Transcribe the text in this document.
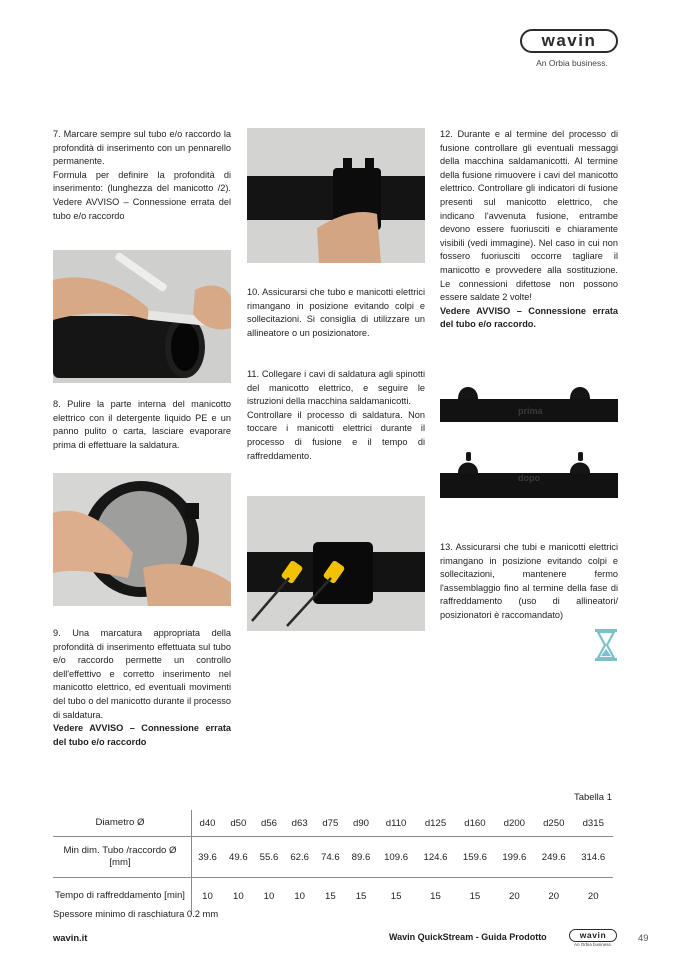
wavin
An Orbia business.

7. Marcare sempre sul tubo e/o raccordo la profondità di inserimento con un pennarello permanente.

Formula per definire la profondità di inserimento: (lunghezza del manicotto /2). Vedere AVVISO – Connessione errata del tubo e/o raccordo

8. Pulire la parte interna del manicotto elettrico con il detergente liquido PE e un panno pulito o carta, lasciare evaporare prima di effettuare la saldatura.

9. Una marcatura appropriata della profondità di inserimento effettuata sul tubo e/o raccordo permette un controllo dell'effettivo e corretto inserimento nel manicotto elettrico, ed eventuali movimenti del tubo o del manicotto durante il processo di saldatura.

Vedere AVVISO – Connessione errata del tubo e/o raccordo

10. Assicurarsi che tubo e manicotti elettrici rimangano in posizione evitando colpi e sollecitazioni. Si consiglia di utilizzare un allineatore o un posizionatore.

11. Collegare i cavi di saldatura agli spinotti del manicotto elettrico, e seguire le istruzioni della macchina saldamanicotti.

Controllare il processo di saldatura. Non toccare i manicotti elettrici durante il processo di fusione e il tempo di raffreddamento.

12. Durante e al termine del processo di fusione controllare gli eventuali messaggi della macchina saldamanicotti. Al termine della fusione rimuovere i cavi del manicotto elettrico. Controllare gli indicatori di fusione presenti sul manicotto elettrico, che indicano l'avvenuta fusione, entrambe devono essere fuoriusciti e chiaramente visibili (vedi immagine). Nel caso in cui non fossero fuoriusciti occorre tagliare il manicotto e provvedere alla sostituzione. Le connessioni difettose non possono essere saldate 2 volte!

Vedere AVVISO – Connessione errata del tubo e/o raccordo.

prima
dopo
13. Assicurarsi che tubi e manicotti elettrici rimangano in posizione evitando colpi e sollecitazioni, mantenere fermo l'assemblaggio fino al termine della fase di raffreddamento (uso di allineatori/ posizionatori è raccomandato)
Tabella 1
Diametro Ø	d40	d50	d56	d63	d75	d90	d110	d125	d160	d200	d250	d315
Min dim. Tubo /raccordo Ø [mm]	39.6	49.6	55.6	62.6	74.6	89.6	109.6	124.6	159.6	199.6	249.6	314.6
Tempo di raffreddamento [min]	10	10	10	10	15	15	15	15	15	20	20	20
Spessore minimo di raschiatura 0.2 mm
wavin.it	Wavin QuickStream - Guida Prodotto	wavin
An Orbia business.
49
